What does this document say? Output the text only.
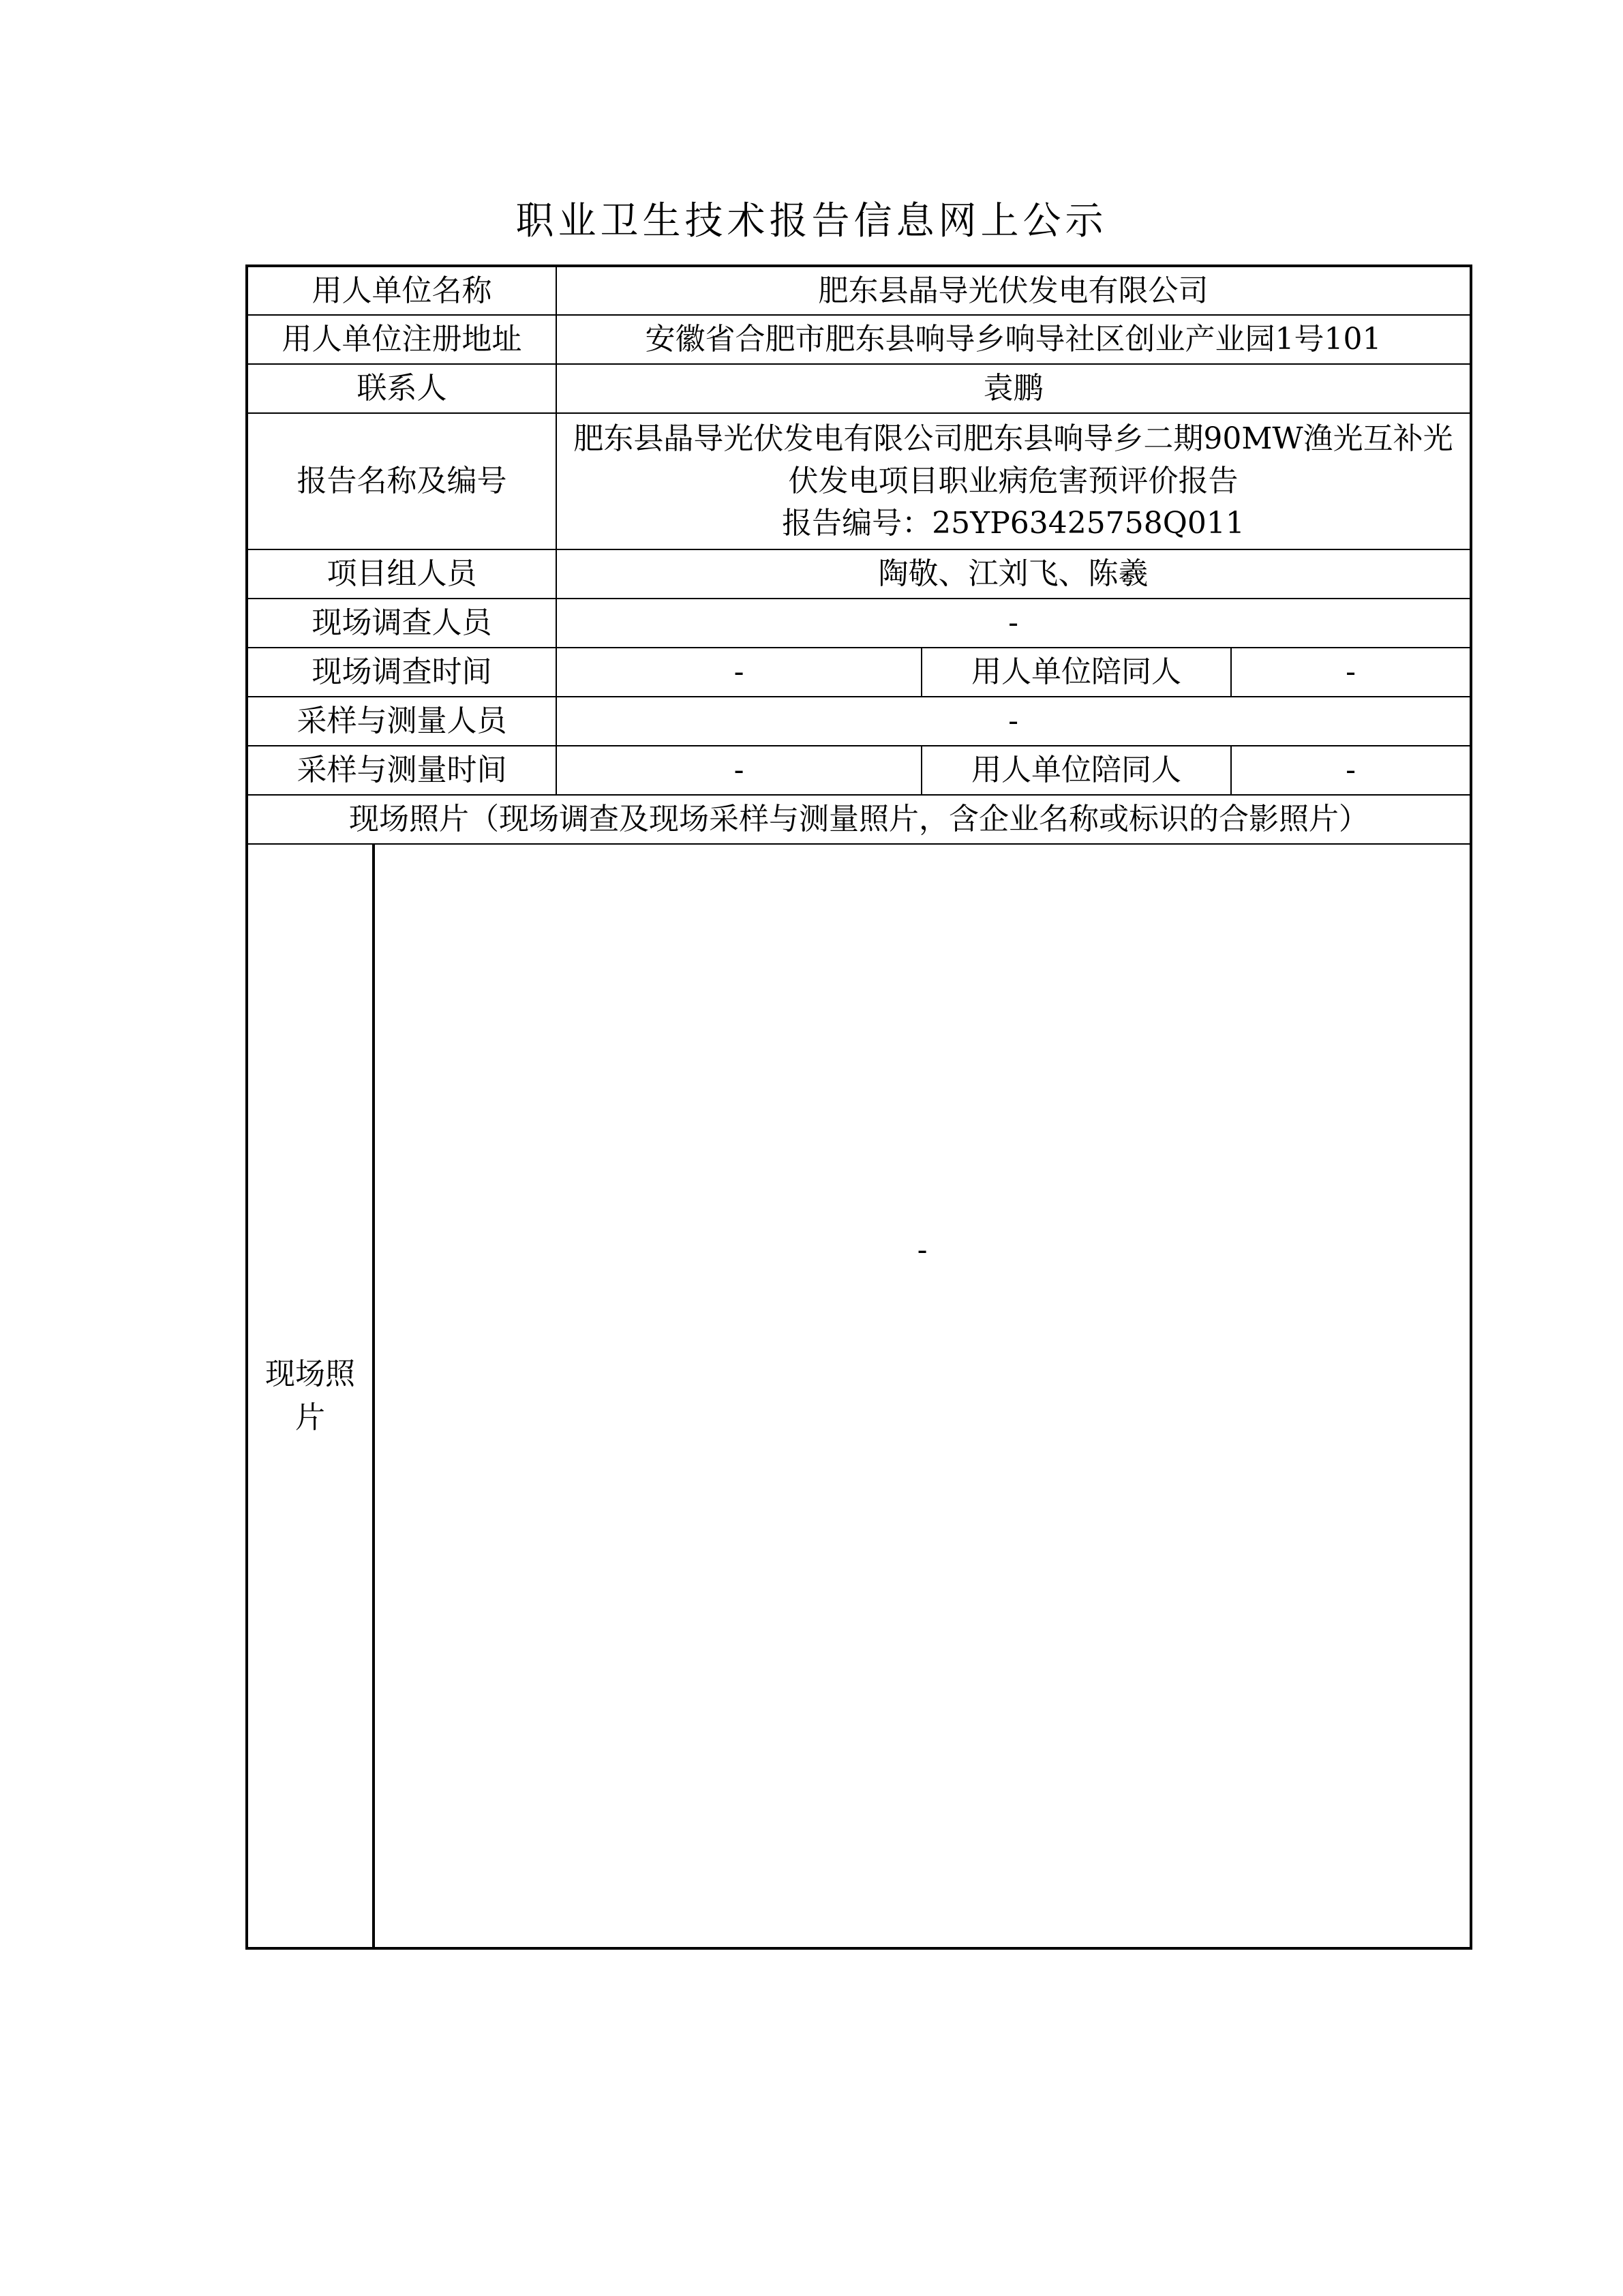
职业卫生技术报告信息网上公示
用人单位名称		肥东县晶导光伏发电有限公司		
用人单位注册地址		安徽省合肥市肥东县响导乡响导社区创业产业园1号101		
联系人		袁鹏		
报告名称及编号		肥东县晶导光伏发电有限公司肥东县响导乡二期90MW渔光互补光伏发电项目职业病危害预评价报告
报告编号：25YP63425758Q011		

项目组人员		陶敬、江刘飞、陈羲		
现场调查人员		-		
现场调查时间		-	用人单位陪同人	-
采样与测量人员		-		
采样与测量时间		-	用人单位陪同人	-
现场照片（现场调查及现场采样与测量照片，含企业名称或标识的合影照片）				
现场照片	-			
